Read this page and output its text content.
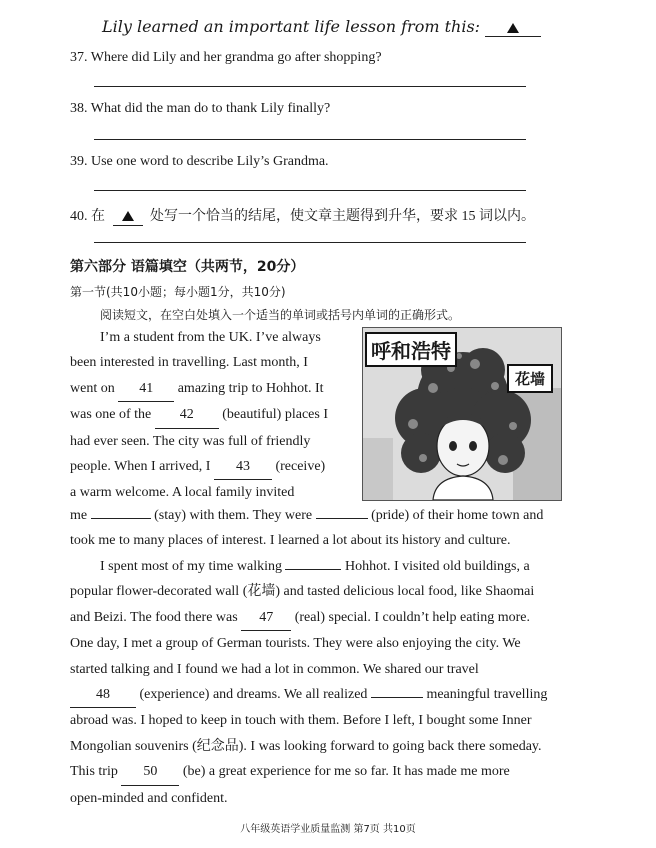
Lily learned an important life lesson from this:
37. Where did Lily and her grandma go after shopping?
38. What did the man do to thank Lily finally?
39. Use one word to describe Lily’s Grandma.
40. 在	处写一个恰当的结尾，使文章主题得到升华，要求 15 词以内。
第六部分 语篇填空（共两节，20分）
第一节(共10小题；每小题1分，共10分)
阅读短文，在空白处填入一个适当的单词或括号内单词的正确形式。
呼和浩特
花墙
I’m a student from the UK. I’ve always
been interested in travelling. Last month, I
went on 41 amazing trip to Hohhot. It
was one of the 42 (beautiful) places I
had ever seen. The city was full of friendly
people. When I arrived, I 43 (receive)
a warm welcome. A local family invited
me	(stay) with them. They were	(pride) of their home town and
took me to many places of interest. I learned a lot about its history and culture.
I spent most of my time walking	Hohhot. I visited old buildings, a
popular flower-decorated wall (花墙) and tasted delicious local food, like Shaomai
and Beizi. The food there was 47 (real) special. I couldn’t help eating more.
One day, I met a group of German tourists. They were also enjoying the city. We
started talking and I found we had a lot in common. We shared our travel
48 (experience) and dreams. We all realized	meaningful travelling
abroad was. I hoped to keep in touch with them. Before I left, I bought some Inner
Mongolian souvenirs (纪念品). I was looking forward to going back there someday.
This trip 50 (be) a great experience for me so far. It has made me more
open-minded and confident.
八年级英语学业质量监测 第7页 共10页
